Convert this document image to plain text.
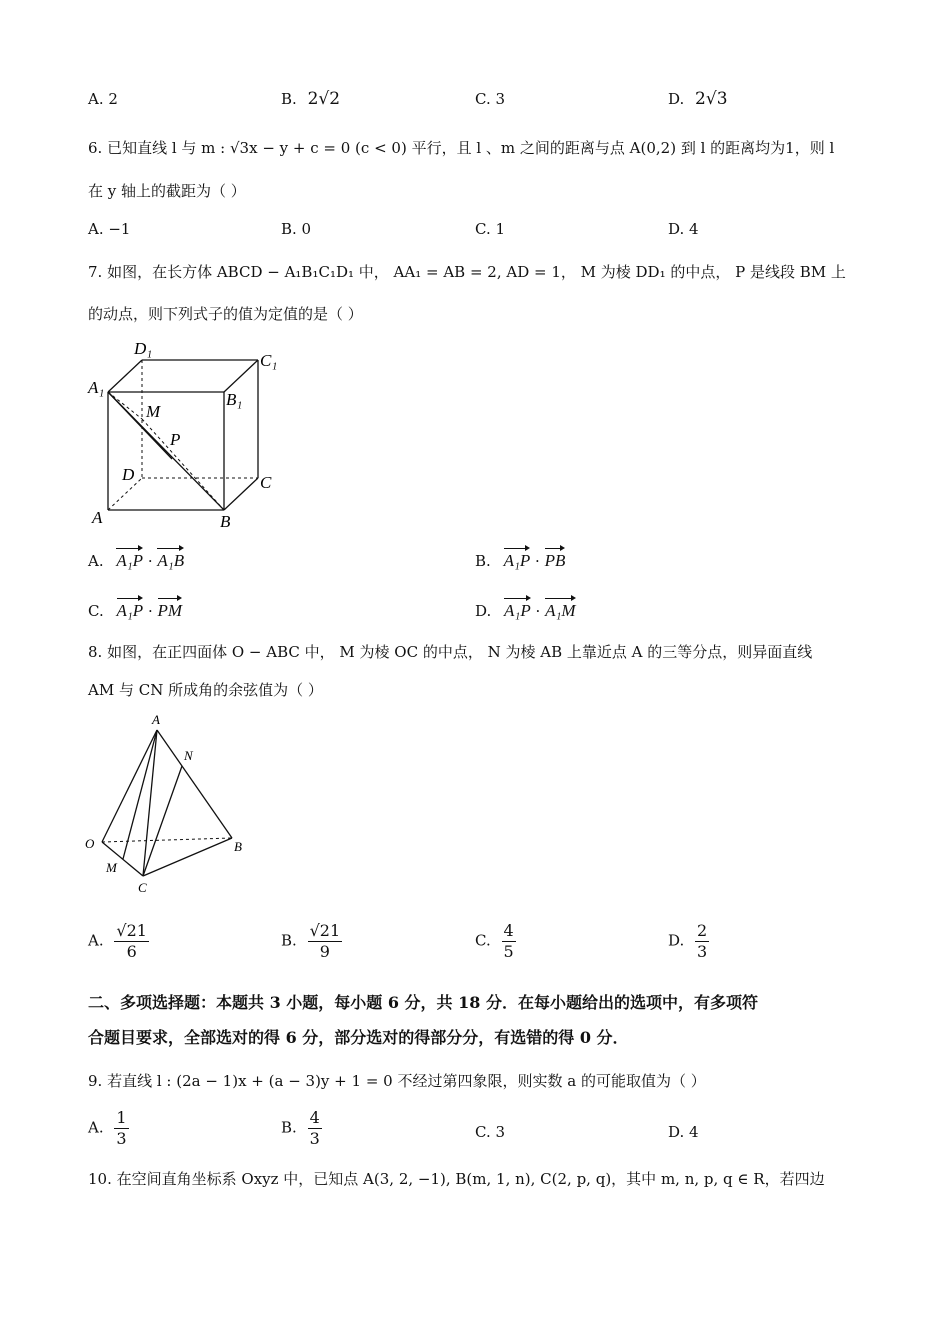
A. 2	B. 2√2	C. 3	D. 2√3
6. 已知直线 l 与 m : √3x − y + c = 0 (c < 0) 平行，且 l 、m 之间的距离与点 A(0,2) 到 l 的距离均为1，则 l
在 y 轴上的截距为（ ）
A. −1	B. 0	C. 1	D. 4
7. 如图，在长方体 ABCD − A₁B₁C₁D₁ 中， AA₁ = AB = 2, AD = 1， M 为棱 DD₁ 的中点， P 是线段 BM 上
的动点，则下列式子的值为定值的是（ ）
D₁
C₁
A₁
B₁
M
P
D	C
A	B
A. A₁P · A₁B	B. A₁P · PB
C. A₁P · PM	D. A₁P · A₁M
8. 如图，在正四面体 O − ABC 中， M 为棱 OC 的中点， N 为棱 AB 上靠近点 A 的三等分点，则异面直线
AM 与 CN 所成角的余弦值为（ ）
A
N
O	B
M
C
A. $\frac{√21}{6}$	B. $\frac{√21}{9}$	C. $\frac{4}{5}$	D. $\frac{2}{3}$
二、多项选择题：本题共 3 小题，每小题 6 分，共 18 分．在每小题给出的选项中，有多项符
合题目要求，全部选对的得 6 分，部分选对的得部分分，有选错的得 0 分．
9. 若直线 l : (2a − 1)x + (a − 3)y + 1 = 0 不经过第四象限，则实数 a 的可能取值为（ ）
A. $\frac{1}{3}$	B. $\frac{4}{3}$	C. 3	D. 4
10. 在空间直角坐标系 Oxyz 中，已知点 A(3, 2, −1), B(m, 1, n), C(2, p, q)，其中 m, n, p, q ∈ R，若四边
